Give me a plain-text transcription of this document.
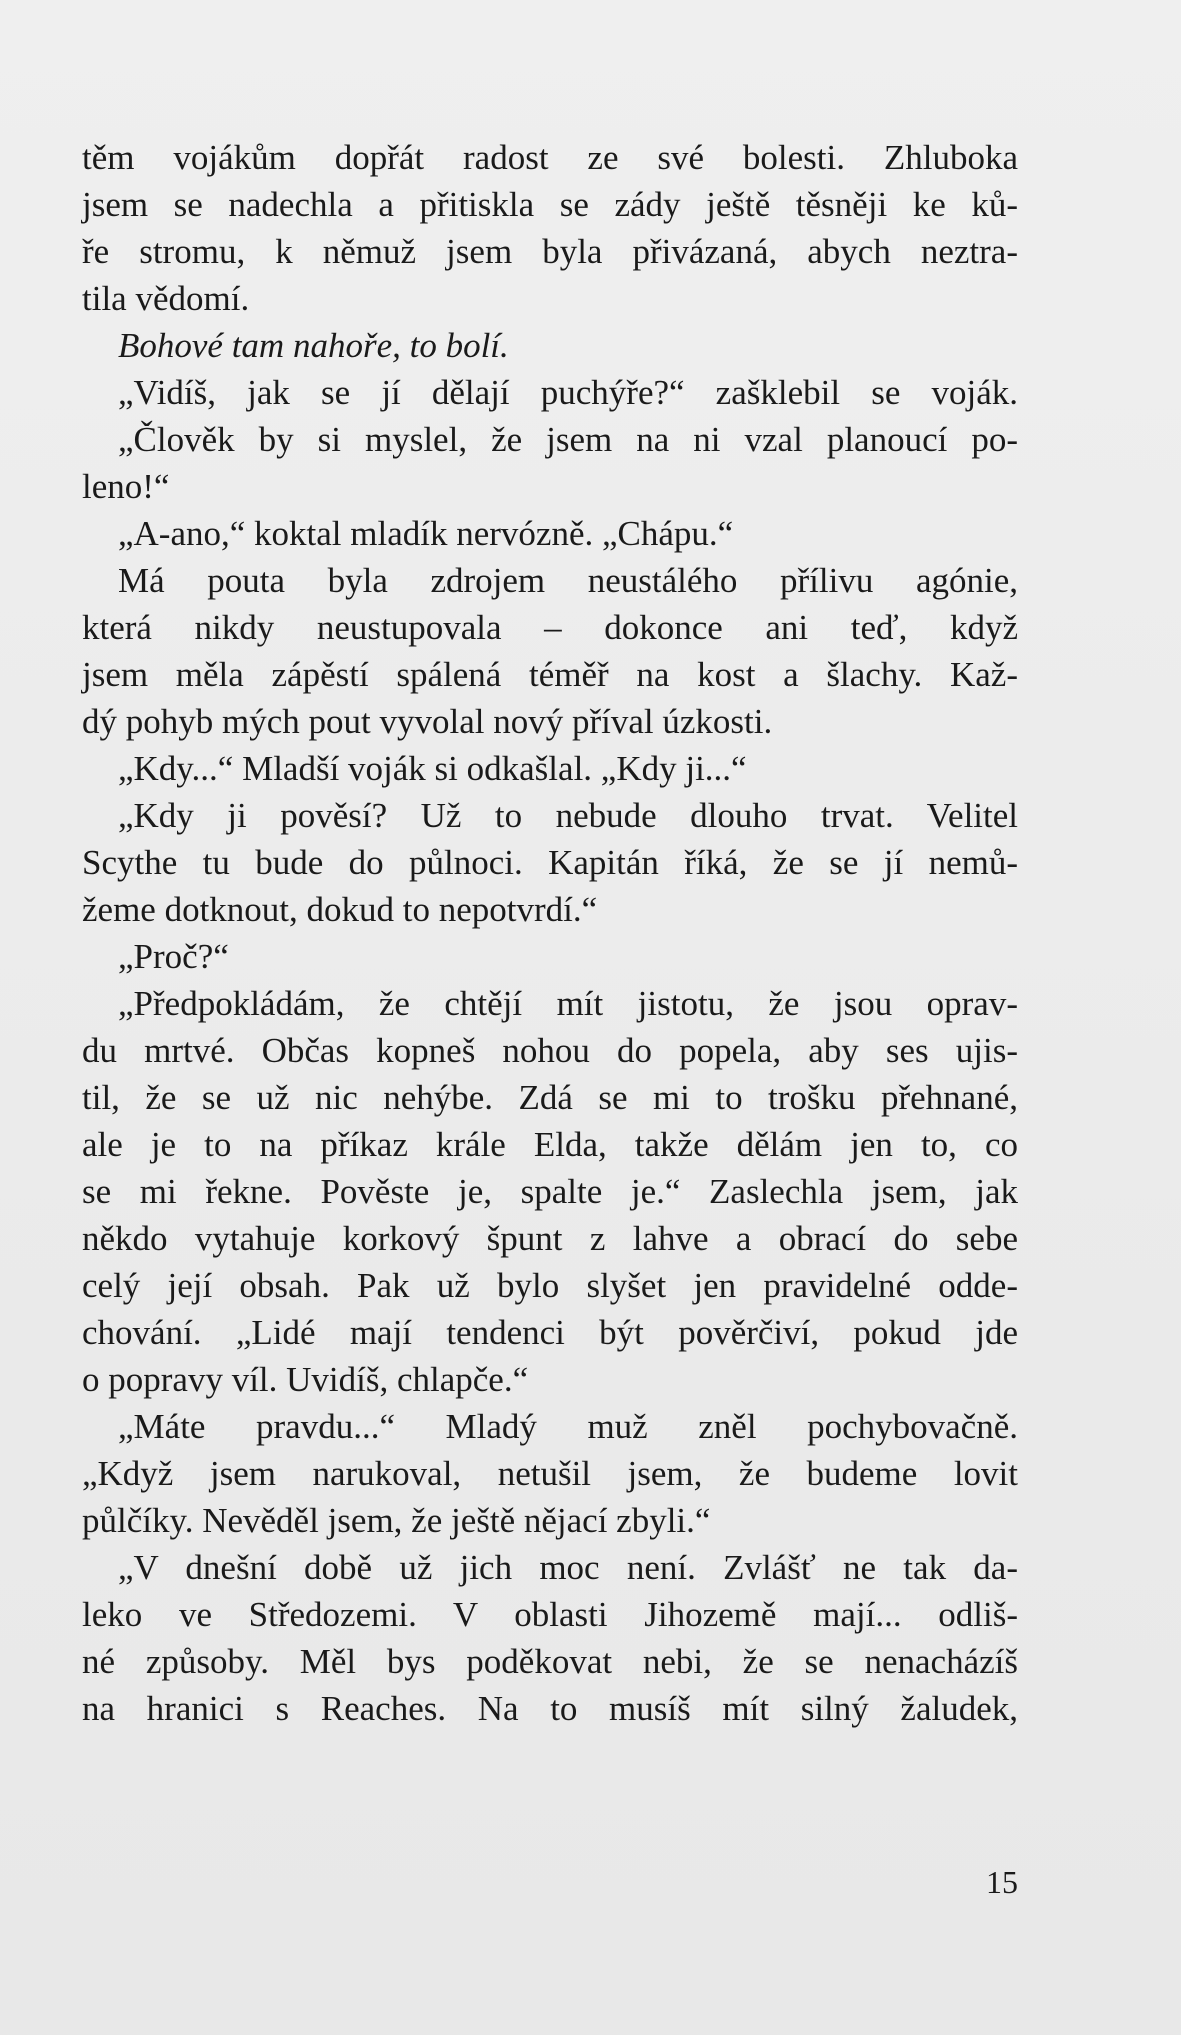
těm vojákům dopřát radost ze své bolesti. Zhluboka
jsem se nadechla a přitiskla se zády ještě těsněji ke ků-
ře stromu, k němuž jsem byla přivázaná, abych neztra-
tila vědomí.
Bohové tam nahoře, to bolí.
„Vidíš, jak se jí dělají puchýře?“ zašklebil se voják.
„Člověk by si myslel, že jsem na ni vzal planoucí po-
leno!“
„A-ano,“ koktal mladík nervózně. „Chápu.“
Má pouta byla zdrojem neustálého přílivu agónie,
která nikdy neustupovala – dokonce ani teď, když
jsem měla zápěstí spálená téměř na kost a šlachy. Kaž-
dý pohyb mých pout vyvolal nový příval úzkosti.
„Kdy...“ Mladší voják si odkašlal. „Kdy ji...“
„Kdy ji pověsí? Už to nebude dlouho trvat. Velitel
Scythe tu bude do půlnoci. Kapitán říká, že se jí nemů-
žeme dotknout, dokud to nepotvrdí.“
„Proč?“
„Předpokládám, že chtějí mít jistotu, že jsou oprav-
du mrtvé. Občas kopneš nohou do popela, aby ses ujis-
til, že se už nic nehýbe. Zdá se mi to trošku přehnané,
ale je to na příkaz krále Elda, takže dělám jen to, co
se mi řekne. Pověste je, spalte je.“ Zaslechla jsem, jak
někdo vytahuje korkový špunt z lahve a obrací do sebe
celý její obsah. Pak už bylo slyšet jen pravidelné odde-
chování. „Lidé mají tendenci být pověrčiví, pokud jde
o popravy víl. Uvidíš, chlapče.“
„Máte pravdu...“ Mladý muž zněl pochybovačně.
„Když jsem narukoval, netušil jsem, že budeme lovit
půlčíky. Nevěděl jsem, že ještě nějací zbyli.“
„V dnešní době už jich moc není. Zvlášť ne tak da-
leko ve Středozemi. V oblasti Jihozemě mají... odliš-
né způsoby. Měl bys poděkovat nebi, že se nenacházíš
na hranici s Reaches. Na to musíš mít silný žaludek,
15
